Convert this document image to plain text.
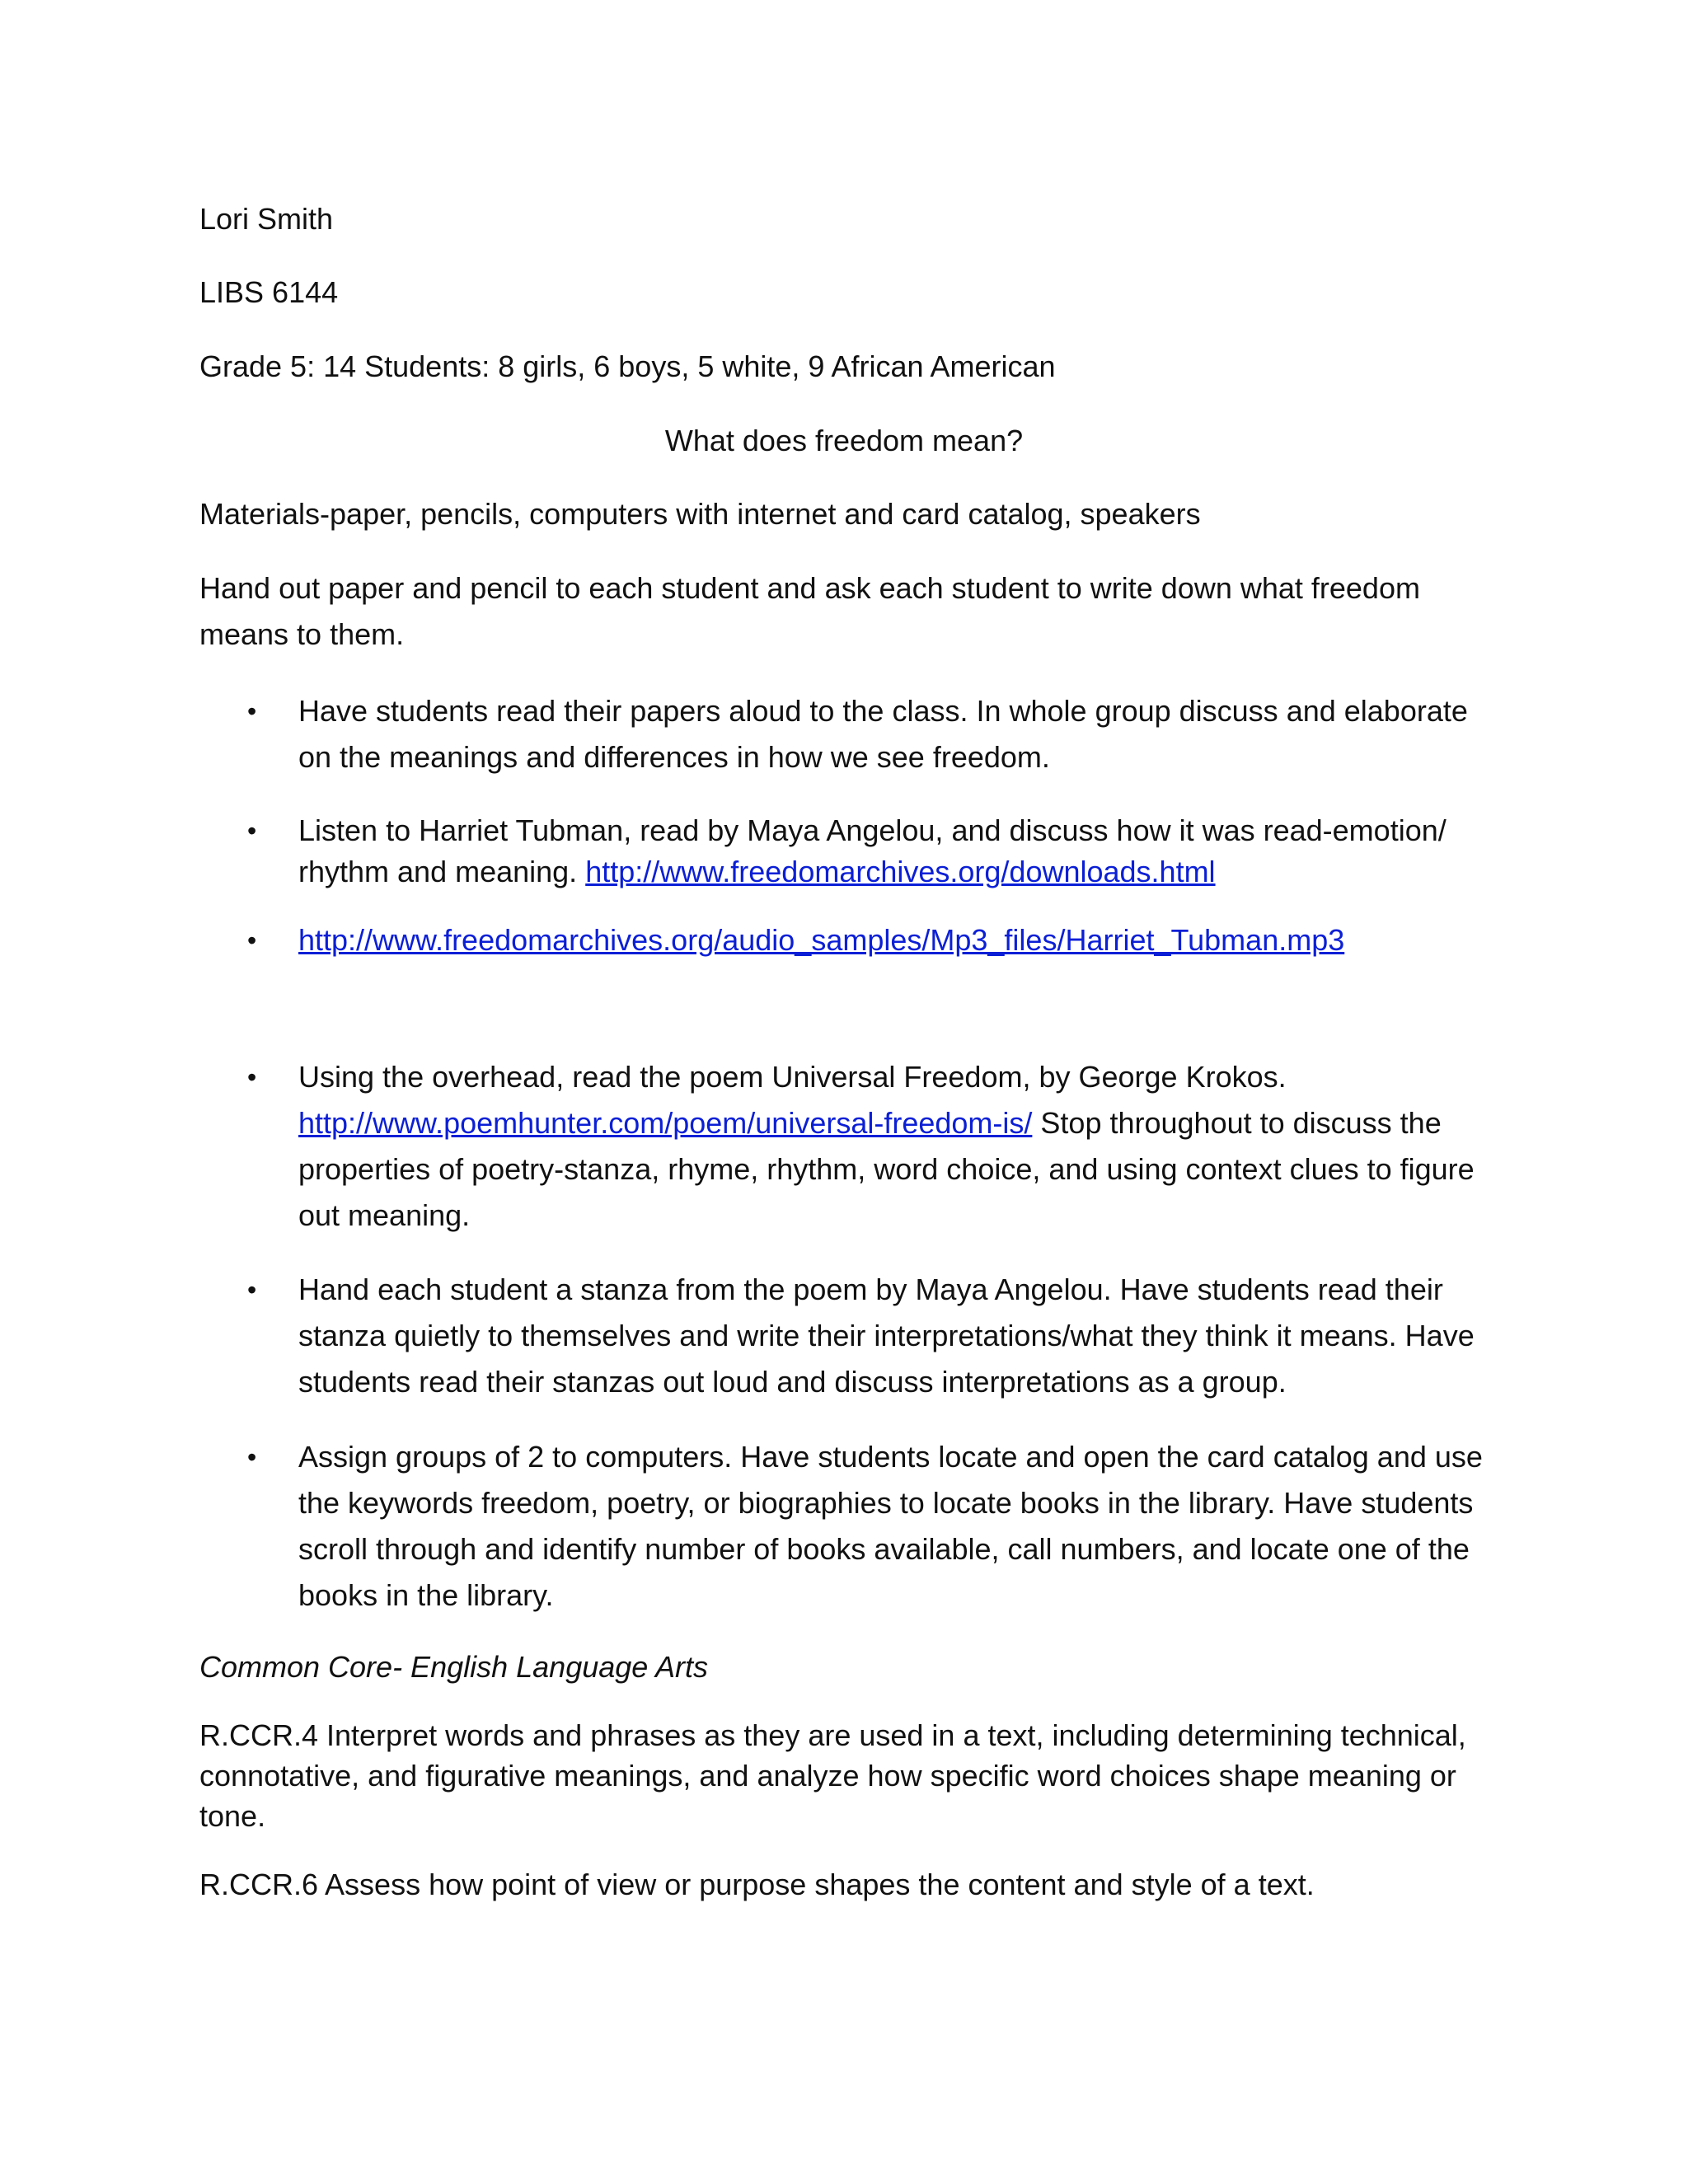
Lori Smith
LIBS 6144
Grade 5: 14 Students: 8 girls, 6 boys, 5 white, 9 African American
What does freedom mean?
Materials-paper, pencils, computers with internet and card catalog, speakers
Hand out paper and pencil to each student and ask each student to write down what freedom means to them.
• Have students read their papers aloud to the class. In whole group discuss and elaborate on the meanings and differences in how we see freedom.
• Listen to Harriet Tubman, read by Maya Angelou, and discuss how it was read-emotion/ rhythm and meaning. http://www.freedomarchives.org/downloads.html
• http://www.freedomarchives.org/audio_samples/Mp3_files/Harriet_Tubman.mp3
• Using the overhead, read the poem Universal Freedom, by George Krokos.
http://www.poemhunter.com/poem/universal-freedom-is/ Stop throughout to discuss the properties of poetry-stanza, rhyme, rhythm, word choice, and using context clues to figure out meaning.
• Hand each student a stanza from the poem by Maya Angelou. Have students read their stanza quietly to themselves and write their interpretations/what they think it means. Have students read their stanzas out loud and discuss interpretations as a group.
• Assign groups of 2 to computers. Have students locate and open the card catalog and use the keywords freedom, poetry, or biographies to locate books in the library. Have students scroll through and identify number of books available, call numbers, and locate one of the books in the library.
Common Core- English Language Arts
R.CCR.4 Interpret words and phrases as they are used in a text, including determining technical, connotative, and figurative meanings, and analyze how specific word choices shape meaning or tone.
R.CCR.6 Assess how point of view or purpose shapes the content and style of a text.
